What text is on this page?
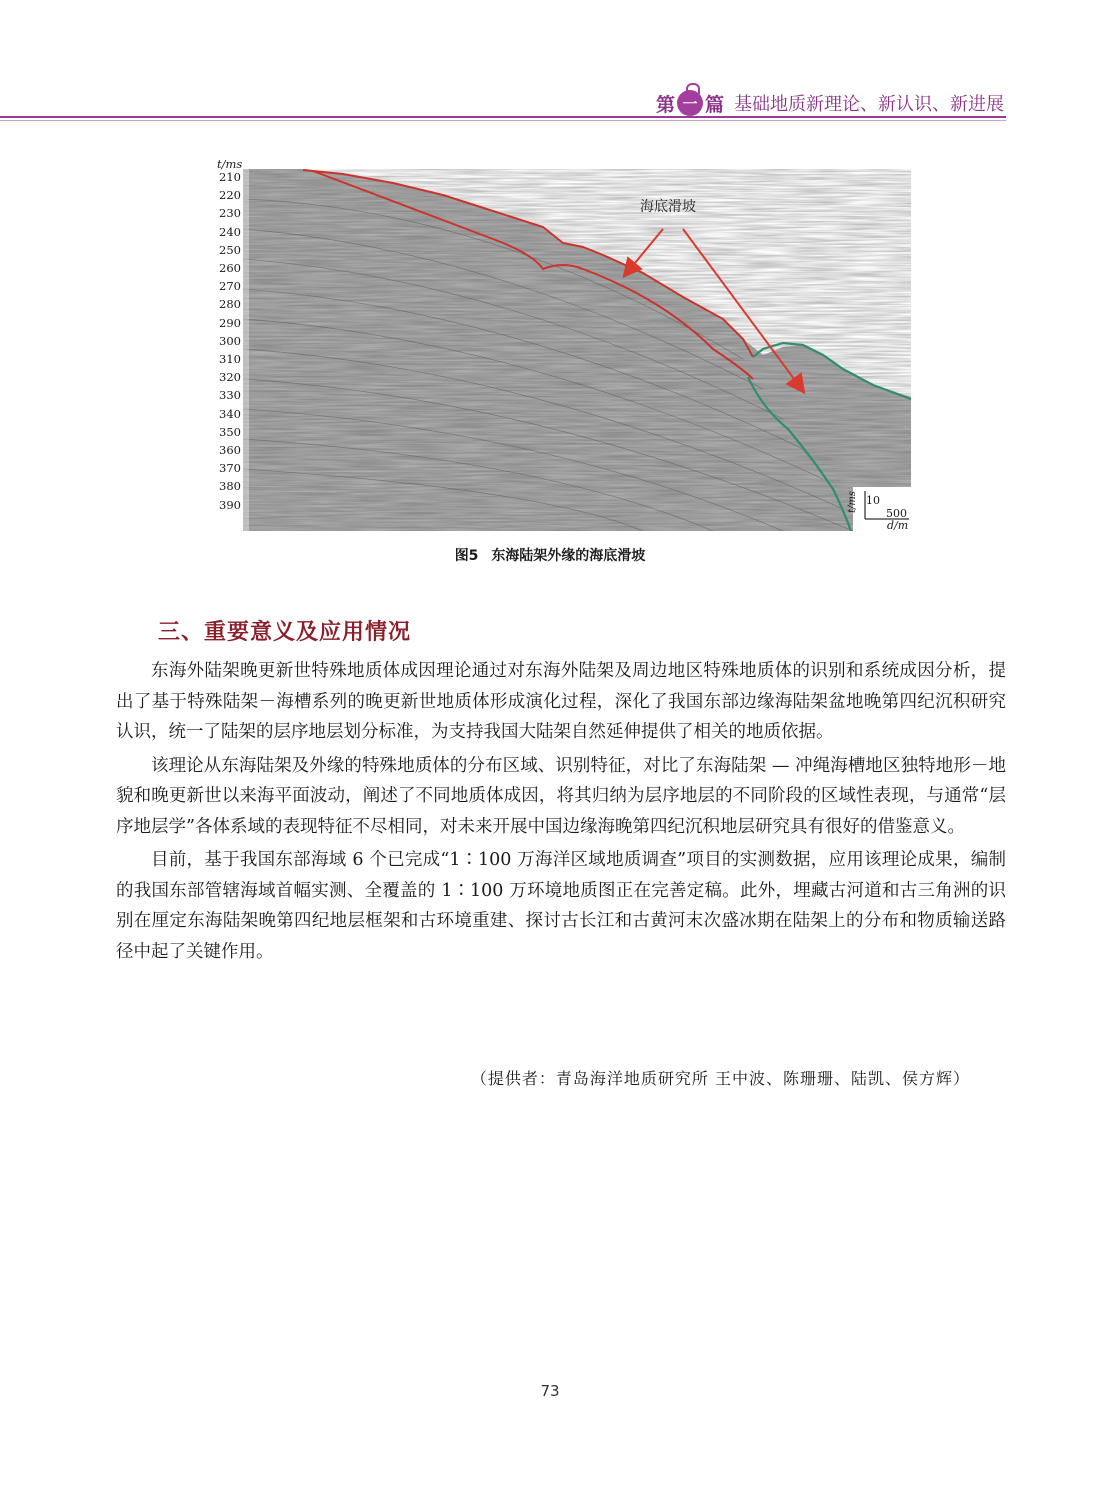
第 一 篇 基础地质新理论、新认识、新进展
t/ms
210
220
230
240
250
260
270
280
290
300
310
320
330
340
350
360
370
380
390
海底滑坡
10
t/ms
500
d/m
图5 东海陆架外缘的海底滑坡
三、重要意义及应用情况

东海外陆架晚更新世特殊地质体成因理论通过对东海外陆架及周边地区特殊地质体的识别和系统成因分析，提出了基于特殊陆架－海槽系列的晚更新世地质体形成演化过程，深化了我国东部边缘海陆架盆地晚第四纪沉积研究认识，统一了陆架的层序地层划分标准，为支持我国大陆架自然延伸提供了相关的地质依据。

该理论从东海陆架及外缘的特殊地质体的分布区域、识别特征，对比了东海陆架 — 冲绳海槽地区独特地形－地貌和晚更新世以来海平面波动，阐述了不同地质体成因，将其归纳为层序地层的不同阶段的区域性表现，与通常“层序地层学”各体系域的表现特征不尽相同，对未来开展中国边缘海晚第四纪沉积地层研究具有很好的借鉴意义。

目前，基于我国东部海域 6 个已完成“1∶100 万海洋区域地质调查”项目的实测数据，应用该理论成果，编制的我国东部管辖海域首幅实测、全覆盖的 1∶100 万环境地质图正在完善定稿。此外，埋藏古河道和古三角洲的识别在厘定东海陆架晚第四纪地层框架和古环境重建、探讨古长江和古黄河末次盛冰期在陆架上的分布和物质输送路径中起了关键作用。

（提供者：青岛海洋地质研究所 王中波、陈珊珊、陆凯、侯方辉）
73
